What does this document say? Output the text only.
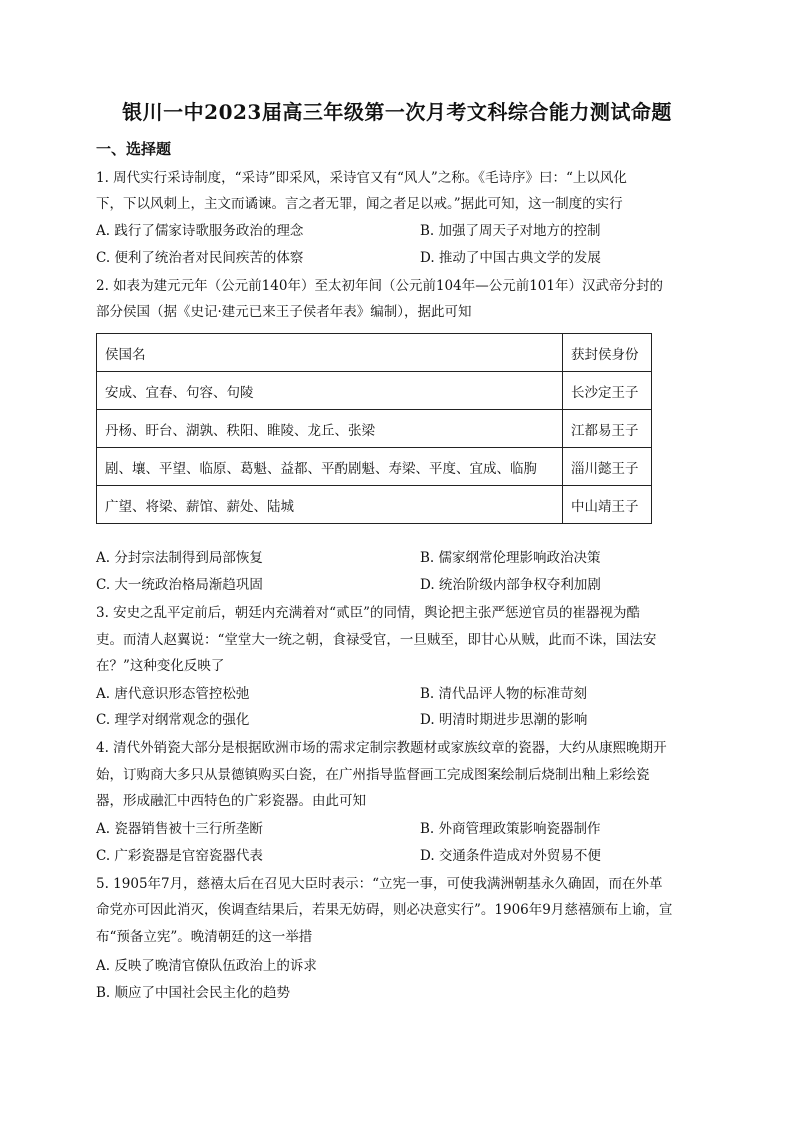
银川一中2023届高三年级第一次月考文科综合能力测试命题
一、选择题
1. 周代实行采诗制度，“采诗”即采风，采诗官又有“风人”之称。《毛诗序》曰：“上以风化
下，下以风刺上，主文而谲谏。言之者无罪，闻之者足以戒。”据此可知，这一制度的实行
A. 践行了儒家诗歌服务政治的理念	B. 加强了周天子对地方的控制
C. 便利了统治者对民间疾苦的体察	D. 推动了中国古典文学的发展
2. 如表为建元元年（公元前140年）至太初年间（公元前104年—公元前101年）汉武帝分封的
部分侯国（据《史记·建元已来王子侯者年表》编制），据此可知
侯国名	获封侯身份
安成、宜春、句容、句陵	长沙定王子
丹杨、盱台、湖孰、秩阳、睢陵、龙丘、张梁	江都易王子
剧、壤、平望、临原、葛魁、益都、平酌剧魁、寿梁、平度、宜成、临朐	淄川懿王子
广望、将梁、薪馆、薪处、陆城	中山靖王子
A. 分封宗法制得到局部恢复	B. 儒家纲常伦理影响政治决策
C. 大一统政治格局渐趋巩固	D. 统治阶级内部争权夺利加剧
3. 安史之乱平定前后，朝廷内充满着对“贰臣”的同情，舆论把主张严惩逆官员的崔器视为酷
吏。而清人赵翼说：“堂堂大一统之朝，食禄受官，一旦贼至，即甘心从贼，此而不诛，国法安
在？”这种变化反映了
A. 唐代意识形态管控松弛	B. 清代品评人物的标准苛刻
C. 理学对纲常观念的强化	D. 明清时期进步思潮的影响
4. 清代外销瓷大部分是根据欧洲市场的需求定制宗教题材或家族纹章的瓷器，大约从康熙晚期开
始，订购商大多只从景德镇购买白瓷，在广州指导监督画工完成图案绘制后烧制出釉上彩绘瓷
器，形成融汇中西特色的广彩瓷器。由此可知
A. 瓷器销售被十三行所垄断	B. 外商管理政策影响瓷器制作
C. 广彩瓷器是官窑瓷器代表	D. 交通条件造成对外贸易不便
5. 1905年7月，慈禧太后在召见大臣时表示：“立宪一事，可使我满洲朝基永久确固，而在外革
命党亦可因此消灭，俟调查结果后，若果无妨碍，则必决意实行”。1906年9月慈禧颁布上谕，宣
布“预备立宪”。晚清朝廷的这一举措
A. 反映了晚清官僚队伍政治上的诉求
B. 顺应了中国社会民主化的趋势
